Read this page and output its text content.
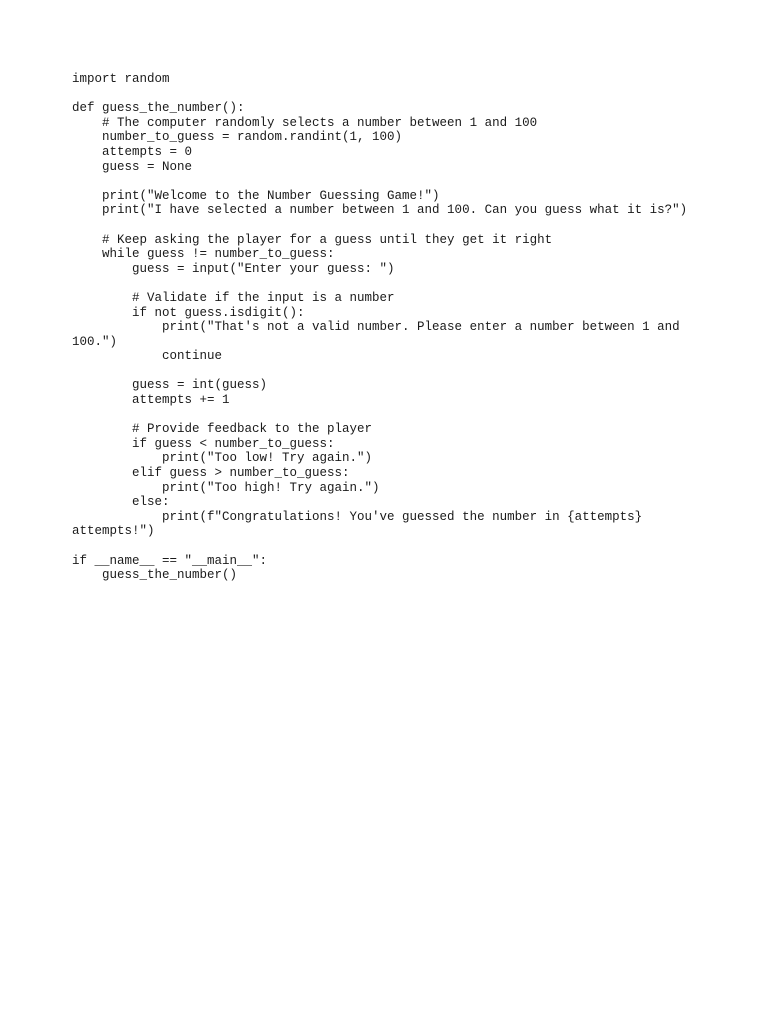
import random
def guess_the_number():
# The computer randomly selects a number between 1 and 100
number_to_guess = random.randint(1, 100)
attempts = 0
guess = None
print("Welcome to the Number Guessing Game!")
print("I have selected a number between 1 and 100. Can you guess what it is?")
# Keep asking the player for a guess until they get it right
while guess != number_to_guess:
guess = input("Enter your guess: ")
# Validate if the input is a number
if not guess.isdigit():
print("That's not a valid number. Please enter a number between 1 and
100.")
continue
guess = int(guess)
attempts += 1
# Provide feedback to the player
if guess < number_to_guess:
print("Too low! Try again.")
elif guess > number_to_guess:
print("Too high! Try again.")
else:
print(f"Congratulations! You've guessed the number in {attempts}
attempts!")
if __name__ == "__main__":
guess_the_number()
